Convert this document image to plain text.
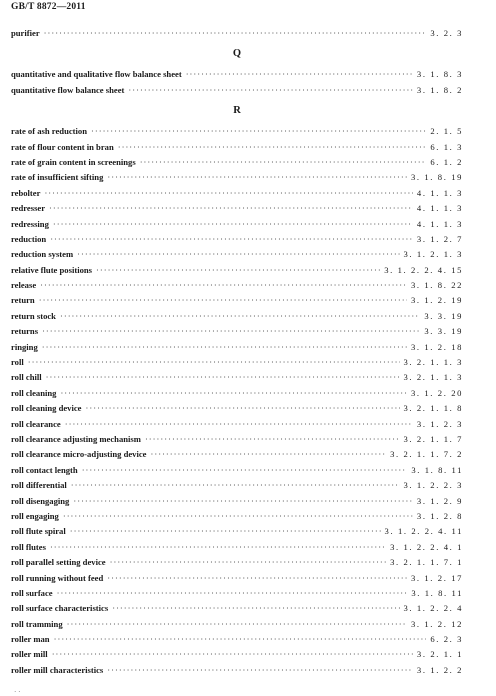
GB/T 8872—2011
purifier ·····	3. 2. 3
Q
quantitative and qualitative flow balance sheet ·····	3. 1. 8. 3
quantitative flow balance sheet ·····	3. 1. 8. 2
R
rate of ash reduction ·····	2. 1. 5
rate of flour content in bran ·····	6. 1. 3
rate of grain content in screenings ·····	6. 1. 2
rate of insufficient sifting ·····	3. 1. 8. 19
rebolter ·····	4. 1. 1. 3
redresser ·····	4. 1. 1. 3
redressing ·····	4. 1. 1. 3
reduction ·····	3. 1. 2. 7
reduction system ·····	3. 1. 2. 1. 3
relative flute positions ·····	3. 1. 2. 2. 4. 15
release ·····	3. 1. 8. 22
return ·····	3. 1. 2. 19
return stock ·····	3. 3. 19
returns ·····	3. 3. 19
ringing ·····	3. 1. 2. 18
roll ·····	3. 2. 1. 1. 3
roll chill ·····	3. 2. 1. 1. 3
roll cleaning ·····	3. 1. 2. 20
roll cleaning device ·····	3. 2. 1. 1. 8
roll clearance ·····	3. 1. 2. 3
roll clearance adjusting mechanism ·····	3. 2. 1. 1. 7
roll clearance micro-adjusting device ·····	3. 2. 1. 1. 7. 2
roll contact length ·····	3. 1. 8. 11
roll differential ·····	3. 1. 2. 2. 3
roll disengaging ·····	3. 1. 2. 9
roll engaging ·····	3. 1. 2. 8
roll flute spiral ·····	3. 1. 2. 2. 4. 11
roll flutes ·····	3. 1. 2. 2. 4. 1
roll parallel setting device ·····	3. 2. 1. 1. 7. 1
roll running without feed ·····	3. 1. 2. 17
roll surface ·····	3. 1. 8. 11
roll surface characteristics ·····	3. 1. 2. 2. 4
roll tramming ·····	3. 1. 2. 12
roller man ·····	6. 2. 3
roller mill ·····	3. 2. 1. 1
roller mill characteristics ·····	3. 1. 2. 2
· ·
